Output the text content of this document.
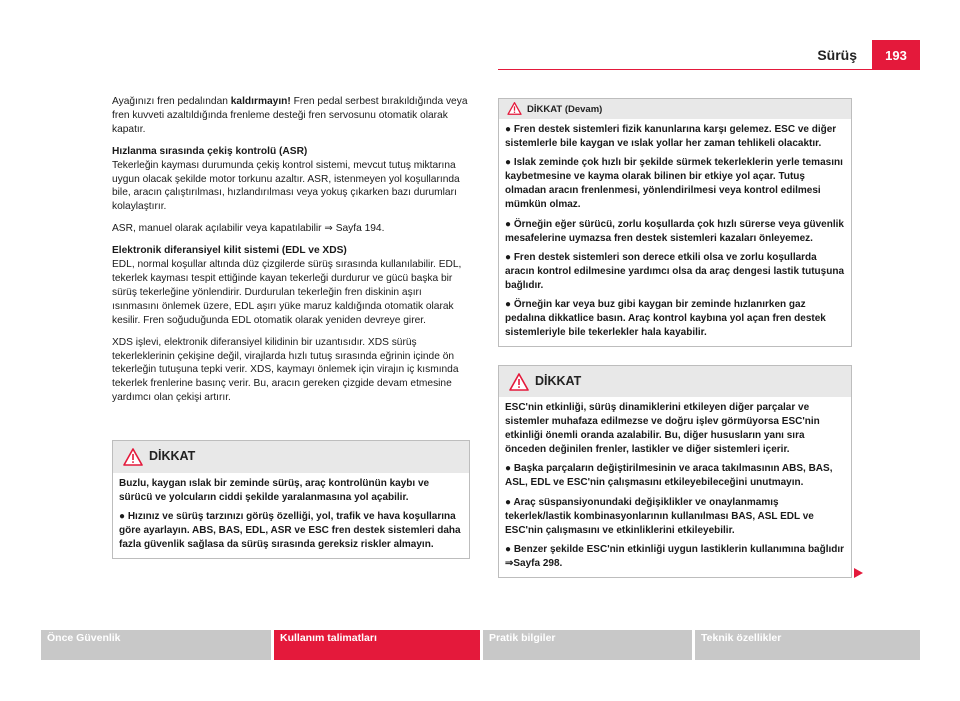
Sürüş	193

Ayağınızı fren pedalından kaldırmayın! Fren pedal serbest bırakıldığında veya fren kuvveti azaltıldığında frenleme desteği fren servosunu otomatik olarak kapatır.

Hızlanma sırasında çekiş kontrolü (ASR)

Tekerleğin kayması durumunda çekiş kontrol sistemi, mevcut tutuş miktarına uygun olacak şekilde motor torkunu azaltır. ASR, istenmeyen yol koşullarında bile, aracın çalıştırılması, hızlandırılması veya yokuş çıkarken bazı durumları kolaylaştırır.

ASR, manuel olarak açılabilir veya kapatılabilir ⇒ Sayfa 194.

Elektronik diferansiyel kilit sistemi (EDL ve XDS)

EDL, normal koşullar altında düz çizgilerde sürüş sırasında kullanılabilir. EDL, tekerlek kayması tespit ettiğinde kayan tekerleği durdurur ve gücü başka bir sürüş tekerleğine yönlendirir. Durdurulan tekerleğin fren diskinin aşırı ısınmasını önlemek üzere, EDL aşırı yüke maruz kaldığında otomatik olarak kesilir. Fren soğuduğunda EDL otomatik olarak yeniden devreye girer.

XDS işlevi, elektronik diferansiyel kilidinin bir uzantısıdır. XDS sürüş tekerleklerinin çekişine değil, virajlarda hızlı tutuş sırasında eğrinin içinde ön tekerleğin tutuşuna tepki verir. XDS, kaymayı önlemek için virajın iç kısmında tekerlek frenlerine basınç verir. Bu, aracın gereken çizgide devam etmesine yardımcı olan çekişi artırır.

DİKKAT

Buzlu, kaygan ıslak bir zeminde sürüş, araç kontrolünün kaybı ve sürücü ve yolcuların ciddi şekilde yaralanmasına yol açabilir.

● Hızınız ve sürüş tarzınızı görüş özelliği, yol, trafik ve hava koşullarına göre ayarlayın. ABS, BAS, EDL, ASR ve ESC fren destek sistemleri daha fazla güvenlik sağlasa da sürüş sırasında gereksiz riskler almayın.

DİKKAT (Devam)

● Fren destek sistemleri fizik kanunlarına karşı gelemez. ESC ve diğer sistemlerle bile kaygan ve ıslak yollar her zaman tehlikeli olacaktır.

● Islak zeminde çok hızlı bir şekilde sürmek tekerleklerin yerle temasını kaybetmesine ve kayma olarak bilinen bir etkiye yol açar. Tutuş olmadan aracın frenlenmesi, yönlendirilmesi veya kontrol edilmesi mümkün olmaz.

● Örneğin eğer sürücü, zorlu koşullarda çok hızlı sürerse veya güvenlik mesafelerine uymazsa fren destek sistemleri kazaları önleyemez.

● Fren destek sistemleri son derece etkili olsa ve zorlu koşullarda aracın kontrol edilmesine yardımcı olsa da araç dengesi lastik tutuşuna bağlıdır.

● Örneğin kar veya buz gibi kaygan bir zeminde hızlanırken gaz pedalına dikkatlice basın. Araç kontrol kaybına yol açan fren destek sistemleriyle bile tekerlekler hala kayabilir.

DİKKAT

ESC'nin etkinliği, sürüş dinamiklerini etkileyen diğer parçalar ve sistemler muhafaza edilmezse ve doğru işlev görmüyorsa ESC'nin etkinliği önemli oranda azalabilir. Bu, diğer hususların yanı sıra önceden değinilen frenler, lastikler ve diğer sistemleri içerir.

● Başka parçaların değiştirilmesinin ve araca takılmasının ABS, BAS, ASL, EDL ve ESC'nin çalışmasını etkileyebileceğini unutmayın.

● Araç süspansiyonundaki değişiklikler ve onaylanmamış tekerlek/lastik kombinasyonlarının kullanılması BAS, ASL EDL ve ESC'nin çalışmasını ve etkinliklerini etkileyebilir.

● Benzer şekilde ESC'nin etkinliği uygun lastiklerin kullanımına bağlıdır ⇒Sayfa 298.

Önce Güvenlik	Kullanım talimatları	Pratik bilgiler	Teknik özellikler
